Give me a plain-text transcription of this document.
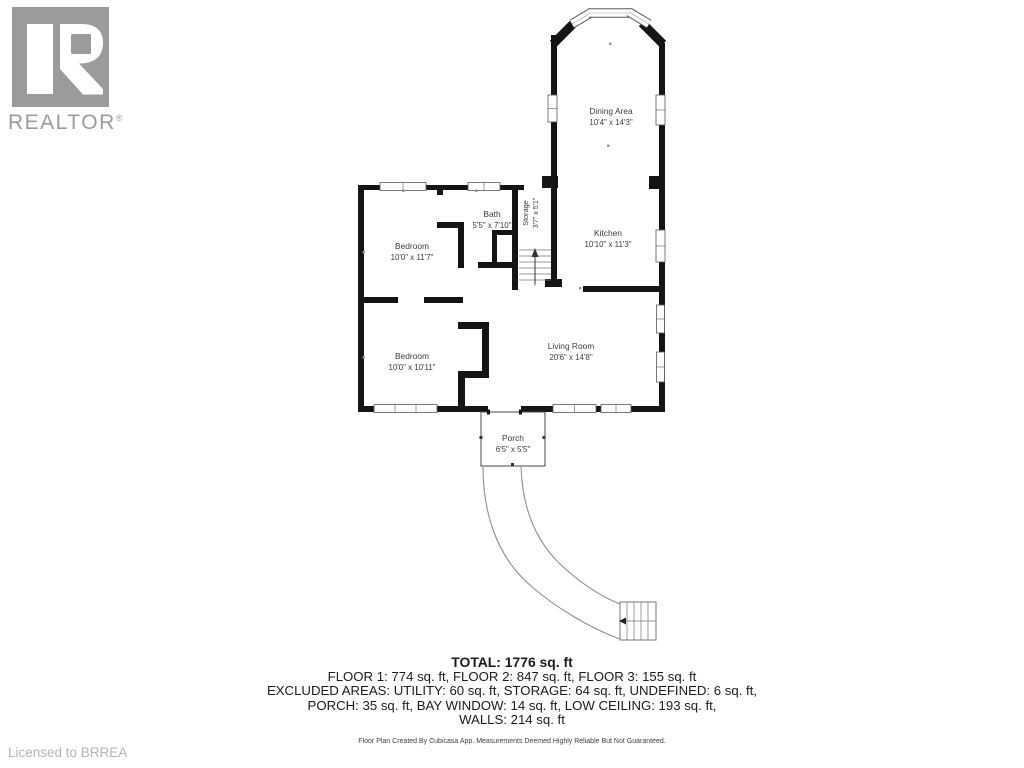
REALTOR®
Dining Area
10'4" x 14'3"
Kitchen
10'10" x 11'3"
Bath
5'5" x 7'10" Storage 3'7" x 5'1"
Bedroom
10'0" x 11'7"
Bedroom
10'0" x 10'11"
Living Room
20'6" x 14'8"
Porch
6'5" x 5'5"
TOTAL: 1776 sq. ft
FLOOR 1: 774 sq. ft, FLOOR 2: 847 sq. ft, FLOOR 3: 155 sq. ft
EXCLUDED AREAS: UTILITY: 60 sq. ft, STORAGE: 64 sq. ft, UNDEFINED: 6 sq. ft,
PORCH: 35 sq. ft, BAY WINDOW: 14 sq. ft, LOW CEILING: 193 sq. ft,
WALLS: 214 sq. ft
Floor Plan Created By Cubicasa App. Measurements Deemed Highly Reliable But Not Guaranteed.
Licensed to BRREA
